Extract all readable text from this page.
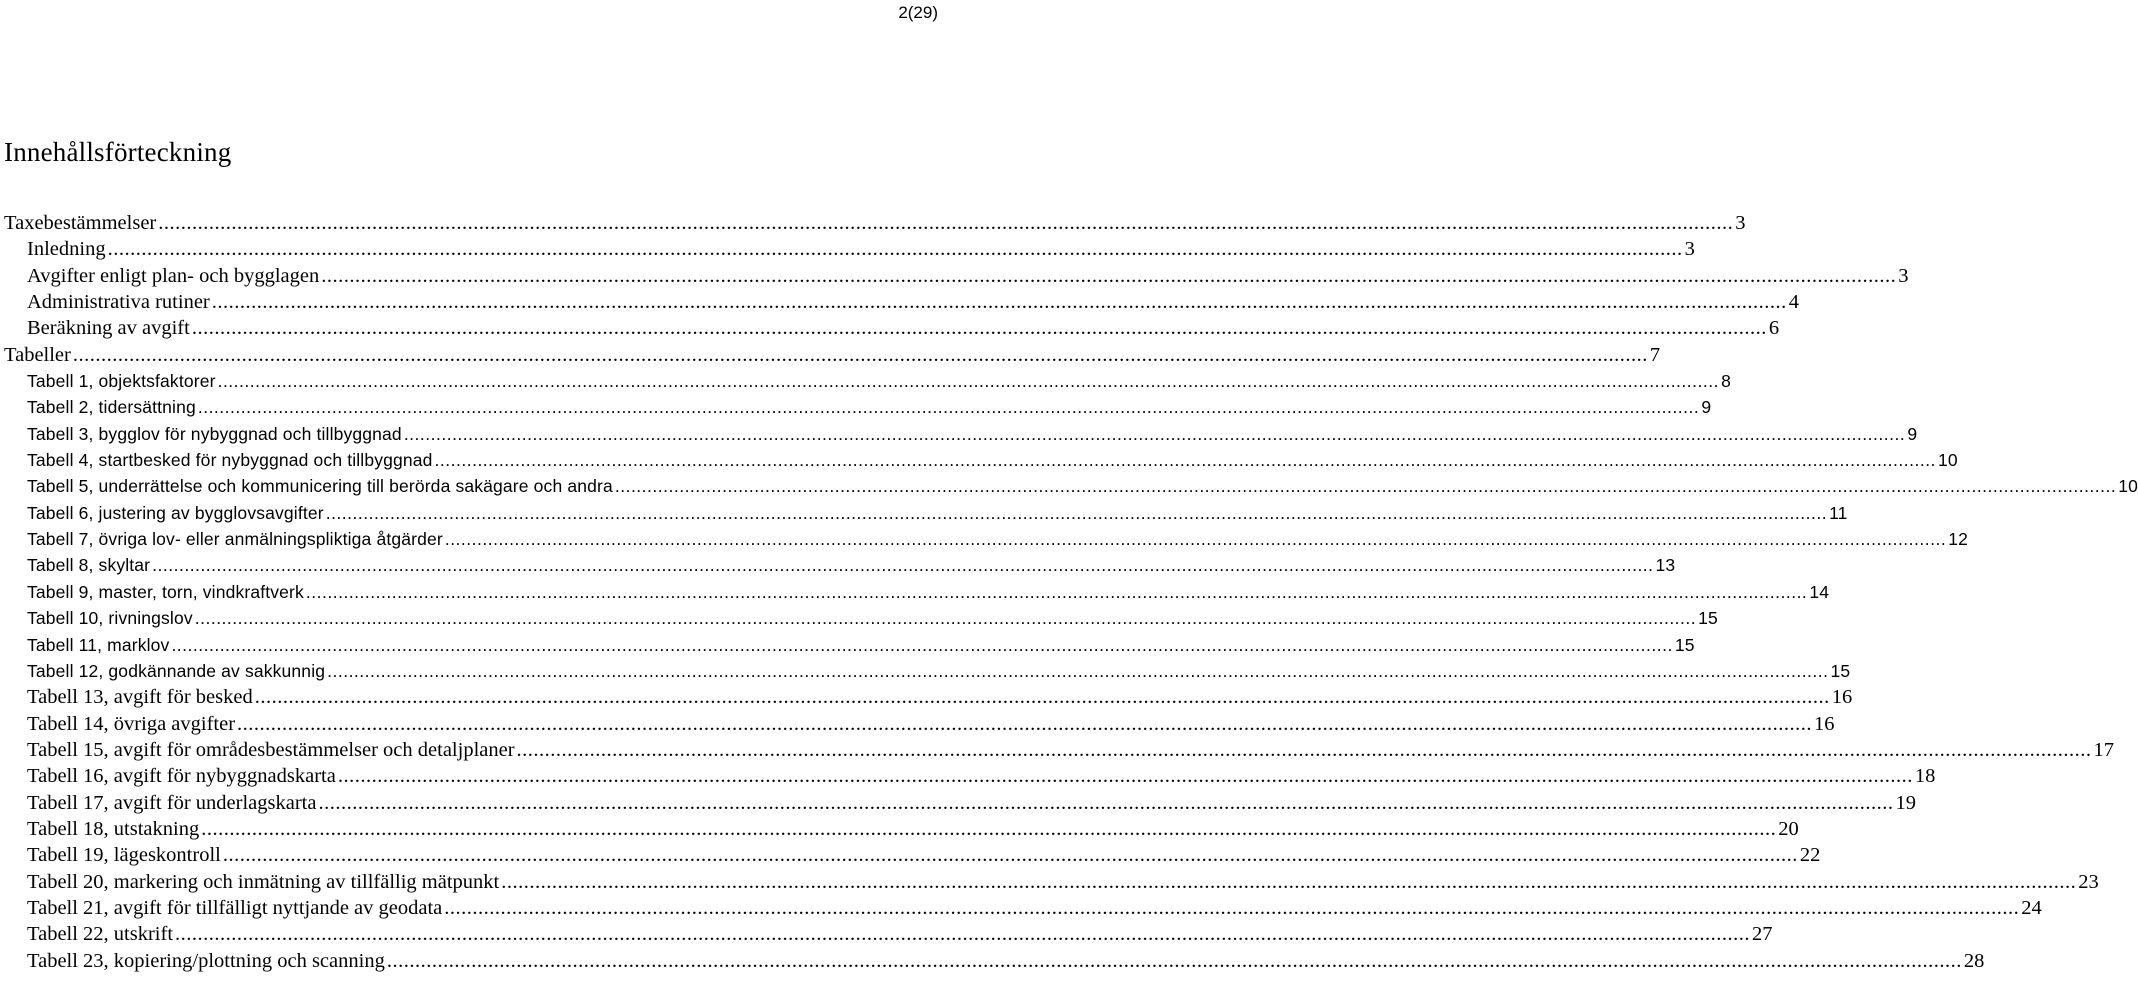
2(29)
Innehållsförteckning
Taxebestämmelser .....	3
Inledning .....	3
Avgifter enligt plan- och bygglagen .....	3
Administrativa rutiner .....	4
Beräkning av avgift .....	6
Tabeller .....	7
Tabell 1, objektsfaktorer .....	8
Tabell 2, tidersättning .....	9
Tabell 3, bygglov för nybyggnad och tillbyggnad .....	9
Tabell 4, startbesked för nybyggnad och tillbyggnad .....	10
Tabell 5, underrättelse och kommunicering till berörda sakägare och andra .....	10
Tabell 6, justering av bygglovsavgifter .....	11
Tabell 7, övriga lov- eller anmälningspliktiga åtgärder .....	12
Tabell 8, skyltar .....	13
Tabell 9, master, torn, vindkraftverk .....	14
Tabell 10, rivningslov .....	15
Tabell 11, marklov .....	15
Tabell 12, godkännande av sakkunnig .....	15
Tabell 13, avgift för besked .....	16
Tabell 14, övriga avgifter .....	16
Tabell 15, avgift för områdesbestämmelser och detaljplaner .....	17
Tabell 16, avgift för nybyggnadskarta .....	18
Tabell 17, avgift för underlagskarta .....	19
Tabell 18, utstakning .....	20
Tabell 19, lägeskontroll .....	22
Tabell 20, markering och inmätning av tillfällig mätpunkt .....	23
Tabell 21, avgift för tillfälligt nyttjande av geodata .....	24
Tabell 22, utskrift .....	27
Tabell 23, kopiering/plottning och scanning .....	28
